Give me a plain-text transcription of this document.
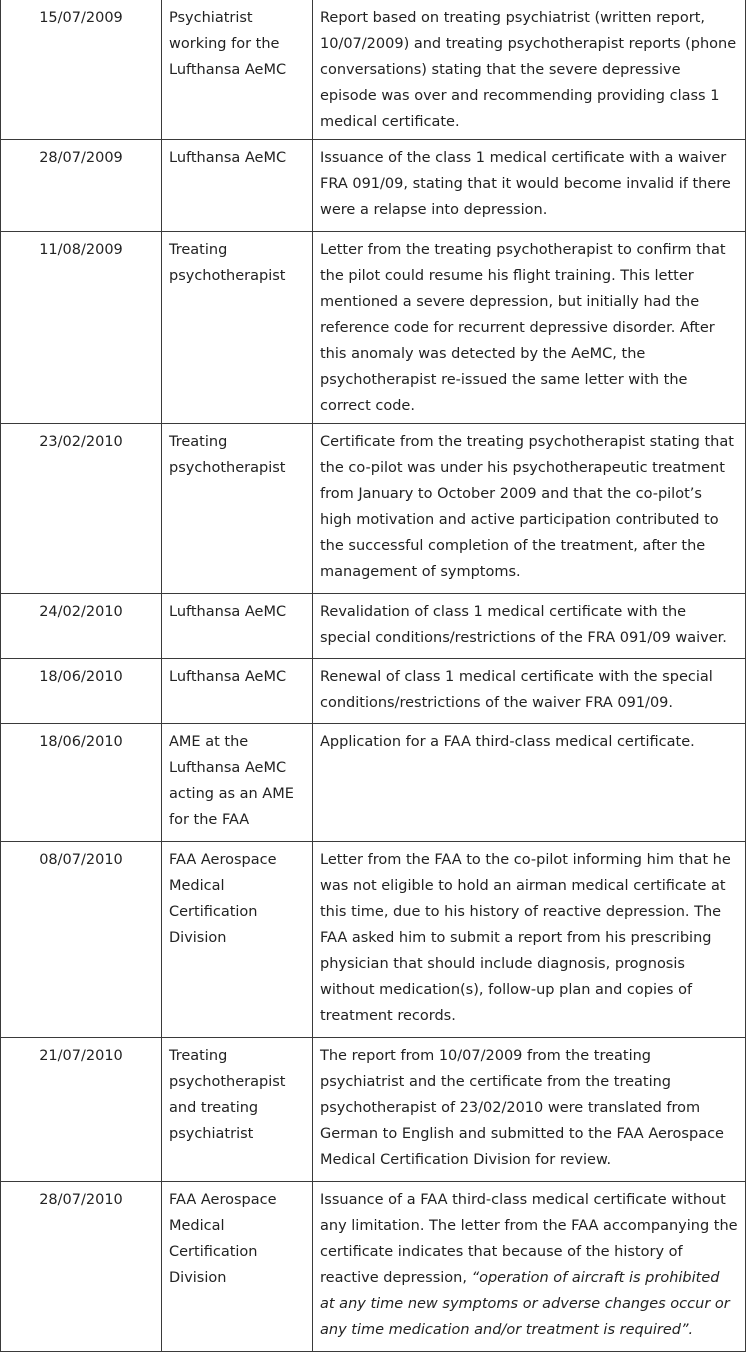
15/07/2009	Psychiatrist working for the Lufthansa AeMC	Report based on treating psychiatrist (written report, 10/07/2009) and treating psychotherapist reports (phone conversations) stating that the severe depressive episode was over and recommending providing class 1 medical certificate.
28/07/2009	Lufthansa AeMC	Issuance of the class 1 medical certificate with a waiver FRA 091/09, stating that it would become invalid if there were a relapse into depression.
11/08/2009	Treating psychotherapist	Letter from the treating psychotherapist to confirm that the pilot could resume his flight training. This letter mentioned a severe depression, but initially had the reference code for recurrent depressive disorder. After this anomaly was detected by the AeMC, the psychotherapist re-issued the same letter with the correct code.
23/02/2010	Treating psychotherapist	Certificate from the treating psychotherapist stating that the co-pilot was under his psychotherapeutic treatment from January to October 2009 and that the co-pilot’s high motivation and active participation contributed to the successful completion of the treatment, after the management of symptoms.
24/02/2010	Lufthansa AeMC	Revalidation of class 1 medical certificate with the special conditions/restrictions of the FRA 091/09 waiver.
18/06/2010	Lufthansa AeMC	Renewal of class 1 medical certificate with the special conditions/restrictions of the waiver FRA 091/09.
18/06/2010	AME at the Lufthansa AeMC acting as an AME for the FAA	Application for a FAA third-class medical certificate.
08/07/2010	FAA Aerospace Medical Certification Division	Letter from the FAA to the co-pilot informing him that he was not eligible to hold an airman medical certificate at this time, due to his history of reactive depression. The FAA asked him to submit a report from his prescribing physician that should include diagnosis, prognosis without medication(s), follow-up plan and copies of treatment records.
21/07/2010	Treating psychotherapist and treating psychiatrist	The report from 10/07/2009 from the treating psychiatrist and the certificate from the treating psychotherapist of 23/02/2010 were translated from German to English and submitted to the FAA Aerospace Medical Certification Division for review.
28/07/2010	FAA Aerospace Medical Certification Division	Issuance of a FAA third-class medical certificate without any limitation. The letter from the FAA accompanying the certificate indicates that because of the history of reactive depression, “operation of aircraft is prohibited at any time new symptoms or adverse changes occur or any time medication and/or treatment is required”.
